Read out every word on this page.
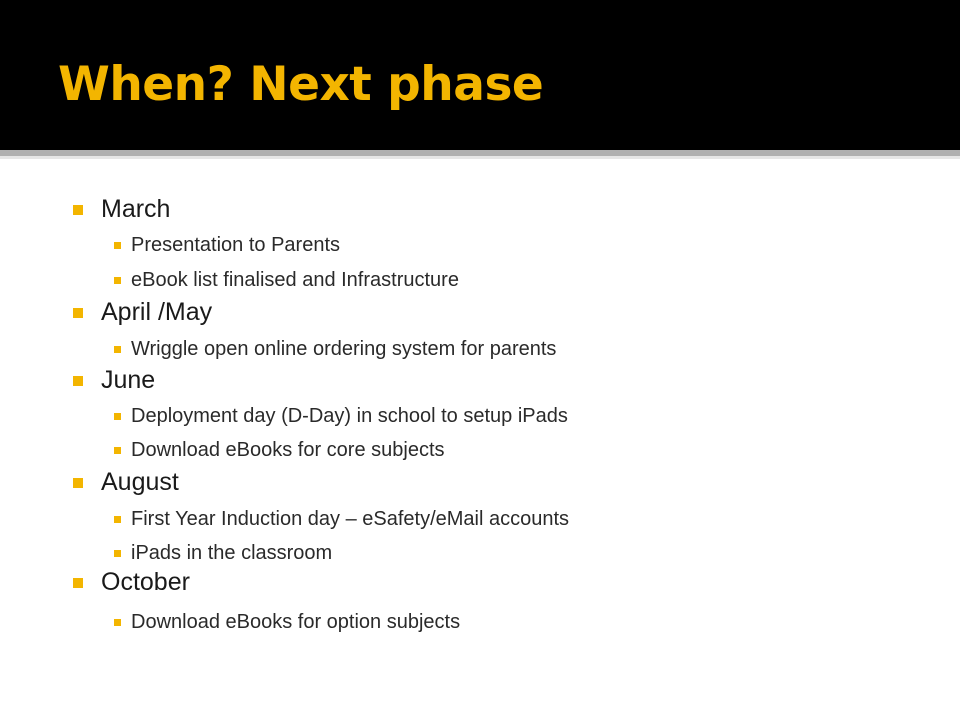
When? Next phase
March
Presentation to Parents
eBook list finalised and Infrastructure
April /May
Wriggle open online ordering system for parents
June
Deployment day (D-Day) in school to setup iPads
Download eBooks for core subjects
August
First Year Induction day – eSafety/eMail accounts
iPads in the classroom
October
Download eBooks for option subjects
